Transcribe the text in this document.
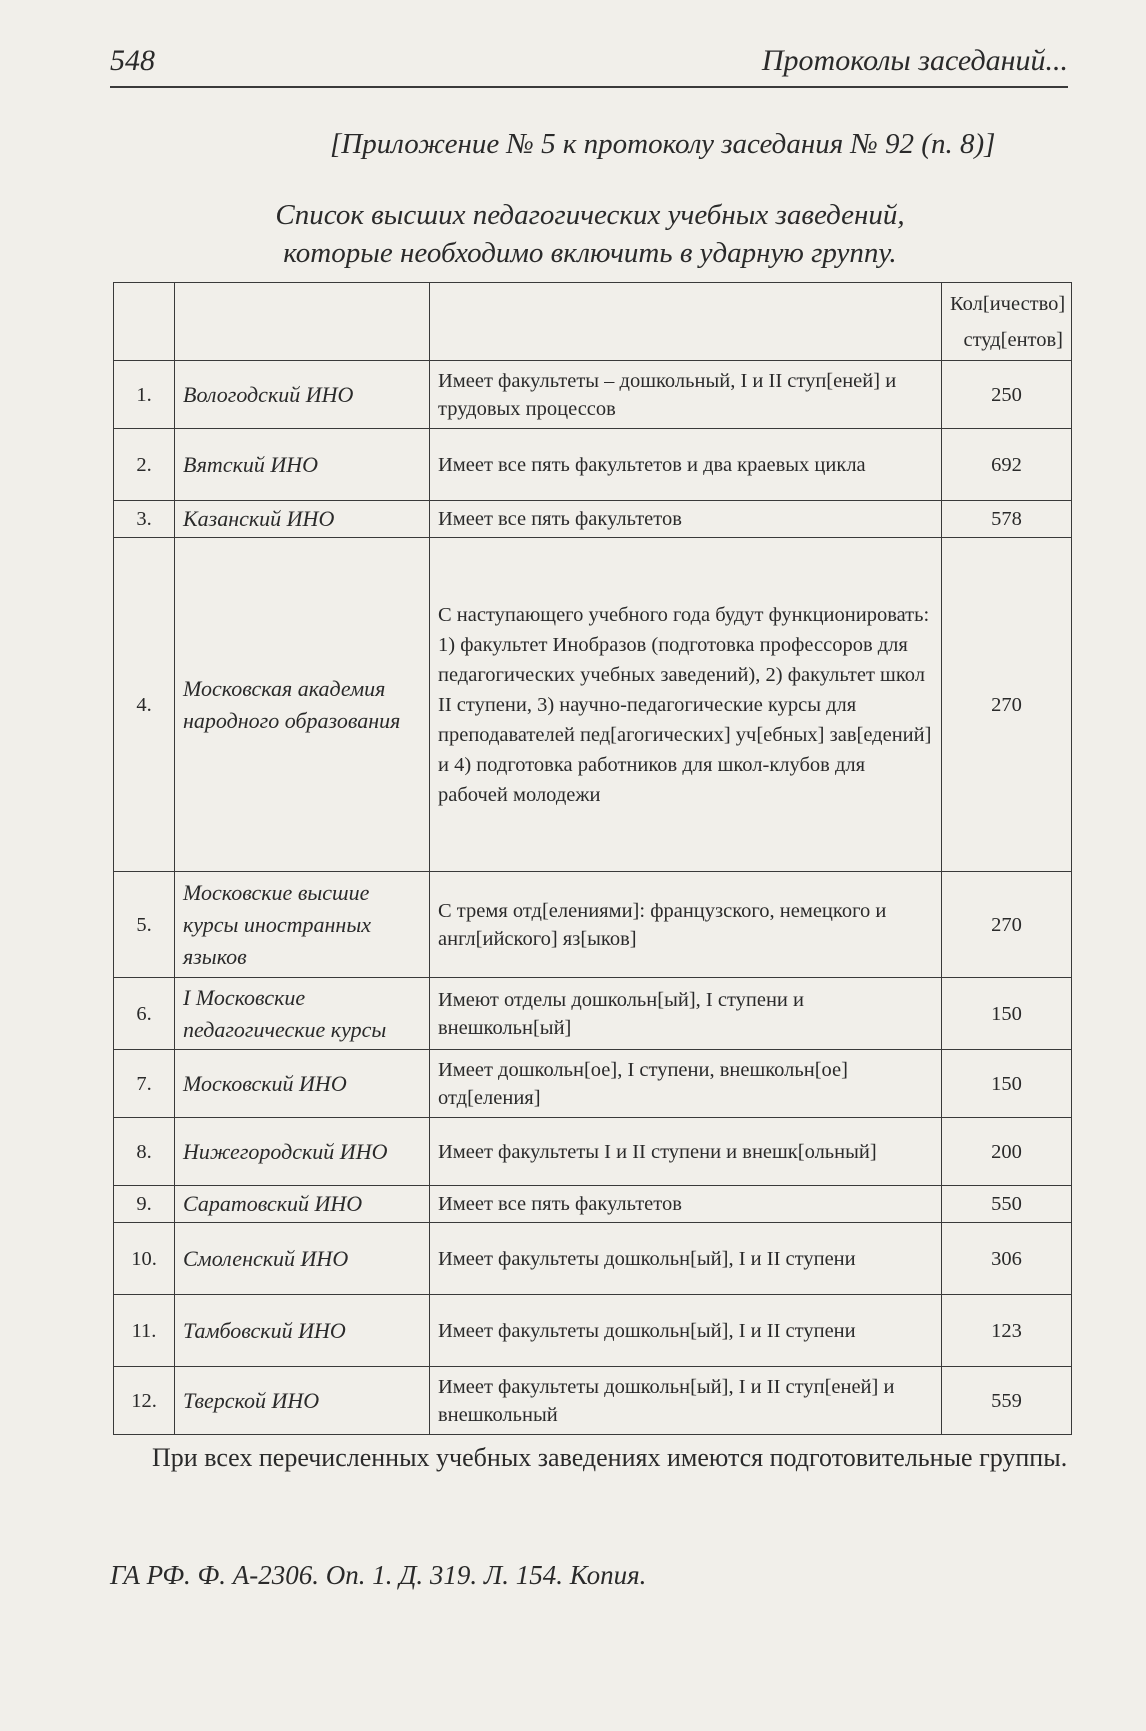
548	Протоколы заседаний...
[Приложение № 5 к протоколу заседания № 92 (п. 8)]
Список высших педагогических учебных заведений,
которые необходимо включить в ударную группу.

			Кол[ичество]
студ[ентов]

1.	Вологодский ИНО	Имеет факультеты – дошкольный, I и II ступ[еней] и трудовых процессов	250
2.	Вятский ИНО	Имеет все пять факультетов и два краевых цикла	692
3.	Казанский ИНО	Имеет все пять факультетов	578
4.	Московская академия народного образования	С наступающего учебного года будут функционировать: 1) факультет Инобразов (подготовка профессоров для педагогических учебных заведений), 2) факультет школ II ступени, 3) научно-педагогические курсы для преподавателей пед[агогических] уч[ебных] зав[едений] и 4) подготовка работников для школ-клубов для рабочей молодежи	270
5.	Московские высшие курсы иностранных языков	С тремя отд[елениями]: французского, немецкого и англ[ийского] яз[ыков]	270
6.	I Московские педагогические курсы	Имеют отделы дошкольн[ый], I ступени и внешкольн[ый]	150
7.	Московский ИНО	Имеет дошкольн[ое], I ступени, внешкольн[ое] отд[еления]	150
8.	Нижегородский ИНО	Имеет факультеты I и II ступени и внешк[ольный]	200
9.	Саратовский ИНО	Имеет все пять факультетов	550
10.	Смоленский ИНО	Имеет факультеты дошкольн[ый], I и II ступени	306
11.	Тамбовский ИНО	Имеет факультеты дошкольн[ый], I и II ступени	123
12.	Тверской ИНО	Имеет факультеты дошкольн[ый], I и II ступ[еней] и внешкольный	559
При всех перечисленных учебных заведениях имеются подготовительные группы.
ГА РФ. Ф. А-2306. Оп. 1. Д. 319. Л. 154. Копия.
